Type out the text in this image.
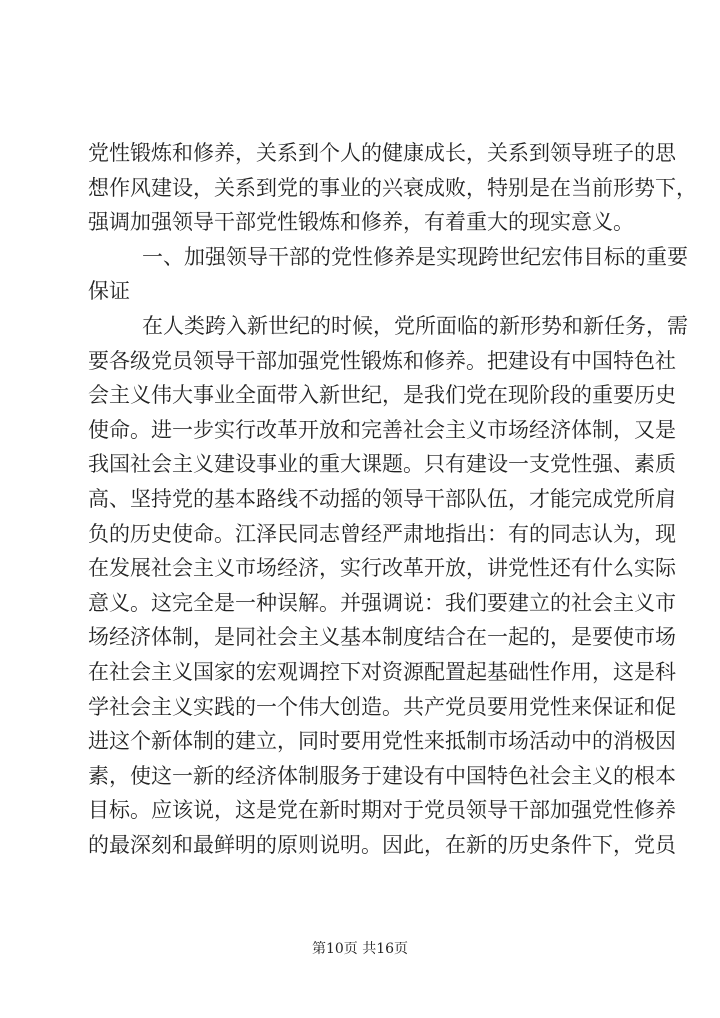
党性锻炼和修养，关系到个人的健康成长，关系到领导班子的思
想作风建设，关系到党的事业的兴衰成败，特别是在当前形势下，
强调加强领导干部党性锻炼和修养，有着重大的现实意义。
一、加强领导干部的党性修养是实现跨世纪宏伟目标的重要
保证
在人类跨入新世纪的时候，党所面临的新形势和新任务，需
要各级党员领导干部加强党性锻炼和修养。把建设有中国特色社
会主义伟大事业全面带入新世纪，是我们党在现阶段的重要历史
使命。进一步实行改革开放和完善社会主义市场经济体制，又是
我国社会主义建设事业的重大课题。只有建设一支党性强、素质
高、坚持党的基本路线不动摇的领导干部队伍，才能完成党所肩
负的历史使命。江泽民同志曾经严肃地指出：有的同志认为，现
在发展社会主义市场经济，实行改革开放，讲党性还有什么实际
意义。这完全是一种误解。并强调说：我们要建立的社会主义市
场经济体制，是同社会主义基本制度结合在一起的，是要使市场
在社会主义国家的宏观调控下对资源配置起基础性作用，这是科
学社会主义实践的一个伟大创造。共产党员要用党性来保证和促
进这个新体制的建立，同时要用党性来抵制市场活动中的消极因
素，使这一新的经济体制服务于建设有中国特色社会主义的根本
目标。应该说，这是党在新时期对于党员领导干部加强党性修养
的最深刻和最鲜明的原则说明。因此，在新的历史条件下，党员
第10页 共16页
